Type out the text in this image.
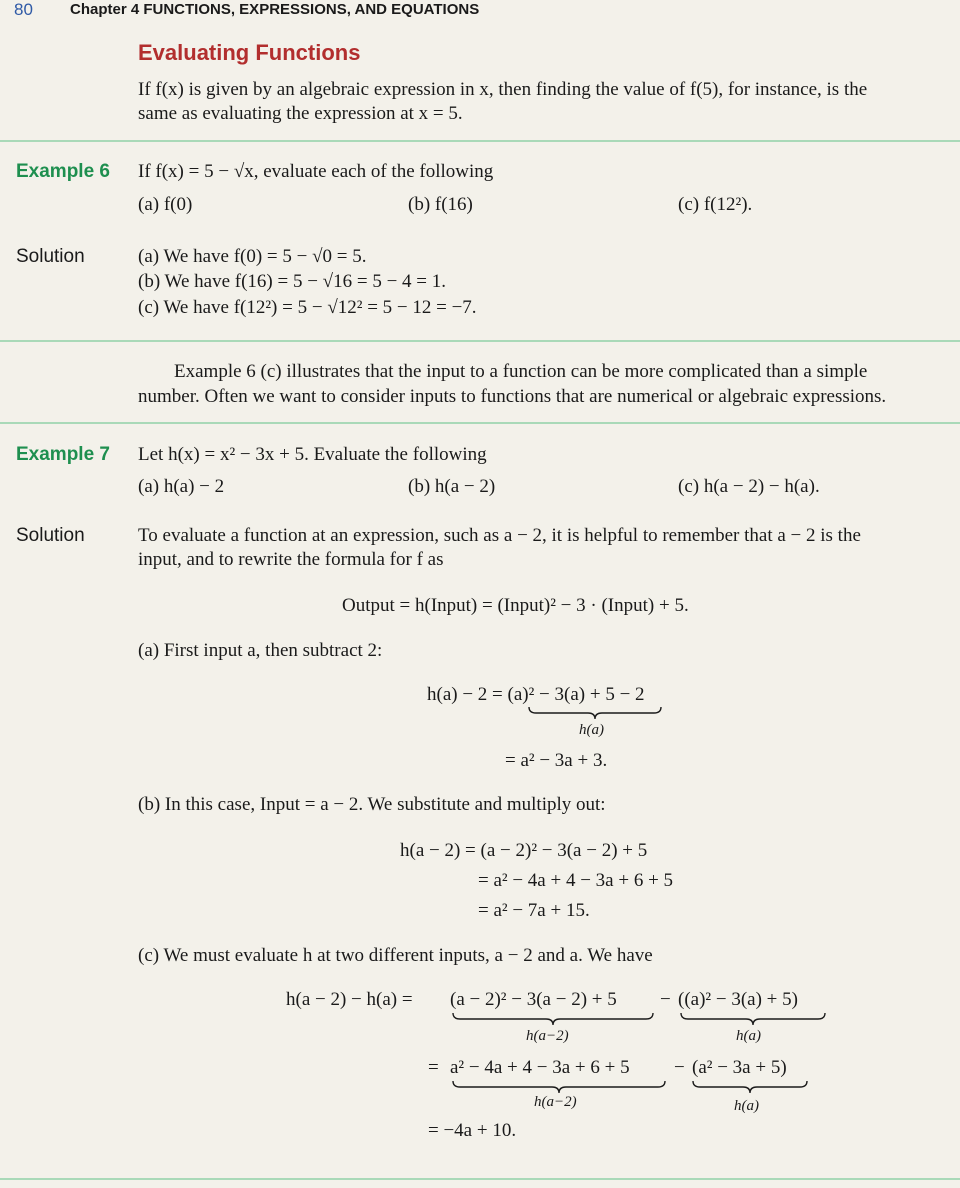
80 Chapter 4 FUNCTIONS, EXPRESSIONS, AND EQUATIONS
Evaluating Functions
If f(x) is given by an algebraic expression in x, then finding the value of f(5), for instance, is the
same as evaluating the expression at x = 5.
Example 6 If f(x) = 5 − √x, evaluate each of the following
(a) f(0)	(b) f(16)	(c) f(12²).
Solution	(a) We have f(0) = 5 − √0 = 5.
(b) We have f(16) = 5 − √16 = 5 − 4 = 1.
(c) We have f(12²) = 5 − √12² = 5 − 12 = −7.
Example 6 (c) illustrates that the input to a function can be more complicated than a simple
number. Often we want to consider inputs to functions that are numerical or algebraic expressions.
Example 7 Let h(x) = x² − 3x + 5. Evaluate the following
(a) h(a) − 2	(b) h(a − 2)	(c) h(a − 2) − h(a).
Solution	To evaluate a function at an expression, such as a − 2, it is helpful to remember that a − 2 is the
input, and to rewrite the formula for f as
Output = h(Input) = (Input)² − 3 · (Input) + 5.
(a) First input a, then subtract 2:
h(a) − 2 = (a)² − 3(a) + 5 − 2
h(a)
= a² − 3a + 3.
(b) In this case, Input = a − 2. We substitute and multiply out:
h(a − 2) = (a − 2)² − 3(a − 2) + 5
= a² − 4a + 4 − 3a + 6 + 5
= a² − 7a + 15.
(c) We must evaluate h at two different inputs, a − 2 and a. We have
h(a − 2) − h(a) = (a − 2)² − 3(a − 2) + 5 − ((a)² − 3(a) + 5)
h(a−2)	h(a)
= a² − 4a + 4 − 3a + 6 + 5 − (a² − 3a + 5)
h(a−2)	h(a)
= −4a + 10.
